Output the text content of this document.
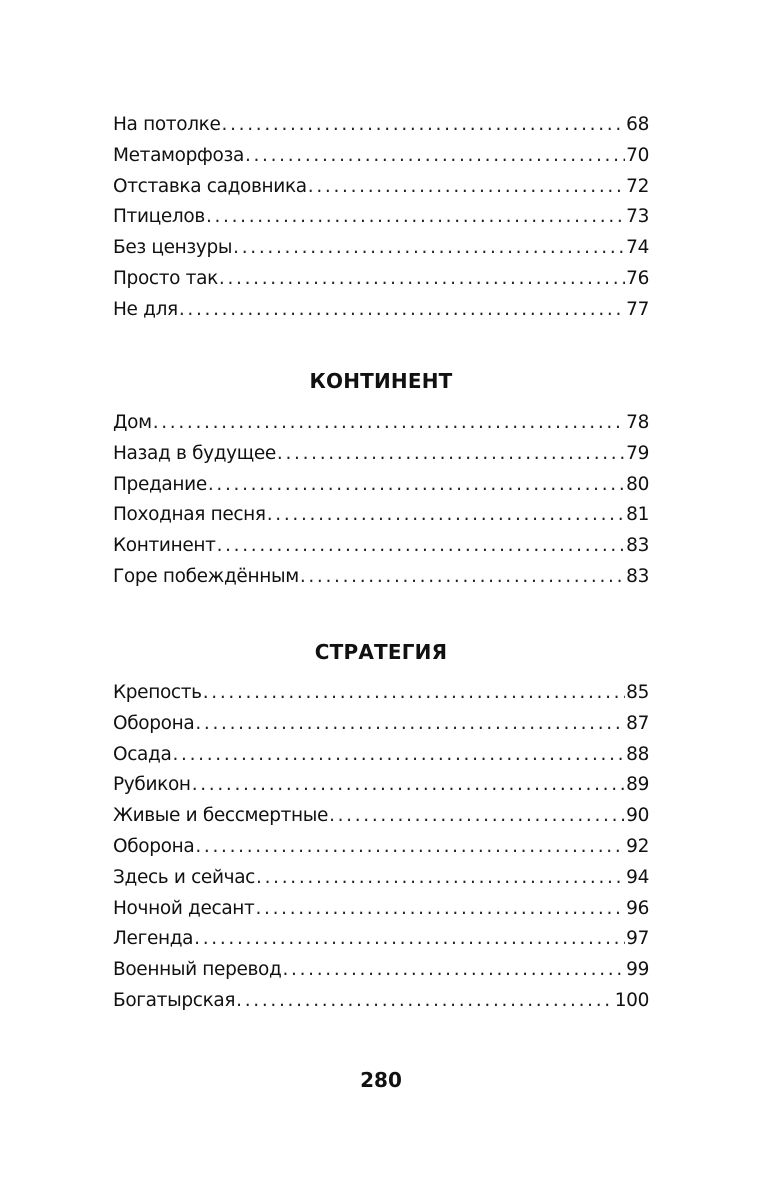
На потолке . . .	68
Метаморфоза . . .	70
Отставка садовника . . .	72
Птицелов . . .	73
Без цензуры . . .	74
Просто так . . .	76
Не для . . .	77
КОНТИНЕНТ
Дом . . .	78
Назад в будущее . . .	79
Предание . . .	80
Походная песня . . .	81
Континент . . .	83
Горе побеждённым . . .	83
СТРАТЕГИЯ
Крепость . . .	85
Оборона . . .	87
Осада . . .	88
Рубикон . . .	89
Живые и бессмертные . . .	90
Оборона . . .	92
Здесь и сейчас . . .	94
Ночной десант . . .	96
Легенда . . .	97
Военный перевод . . .	99
Богатырская . . .	100
280
